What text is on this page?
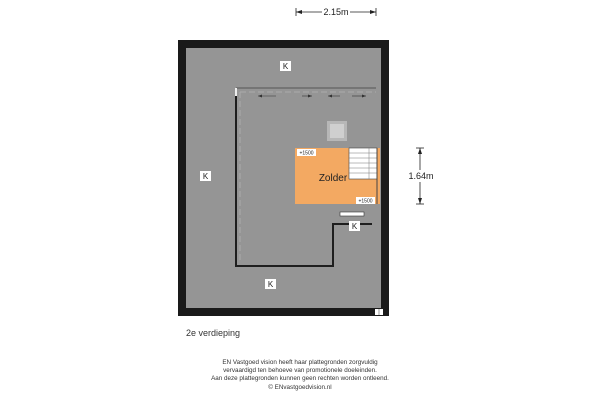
2.15m
+1500
+1500
K
K
K
K
Zolder	1.64m
2e verdieping
EN Vastgoed vision heeft haar plattegronden zorgvuldig
vervaardigd ten behoeve van promotionele doeleinden.
Aan deze plattegronden kunnen geen rechten worden ontleend.
© ENvastgoedvision.nl
